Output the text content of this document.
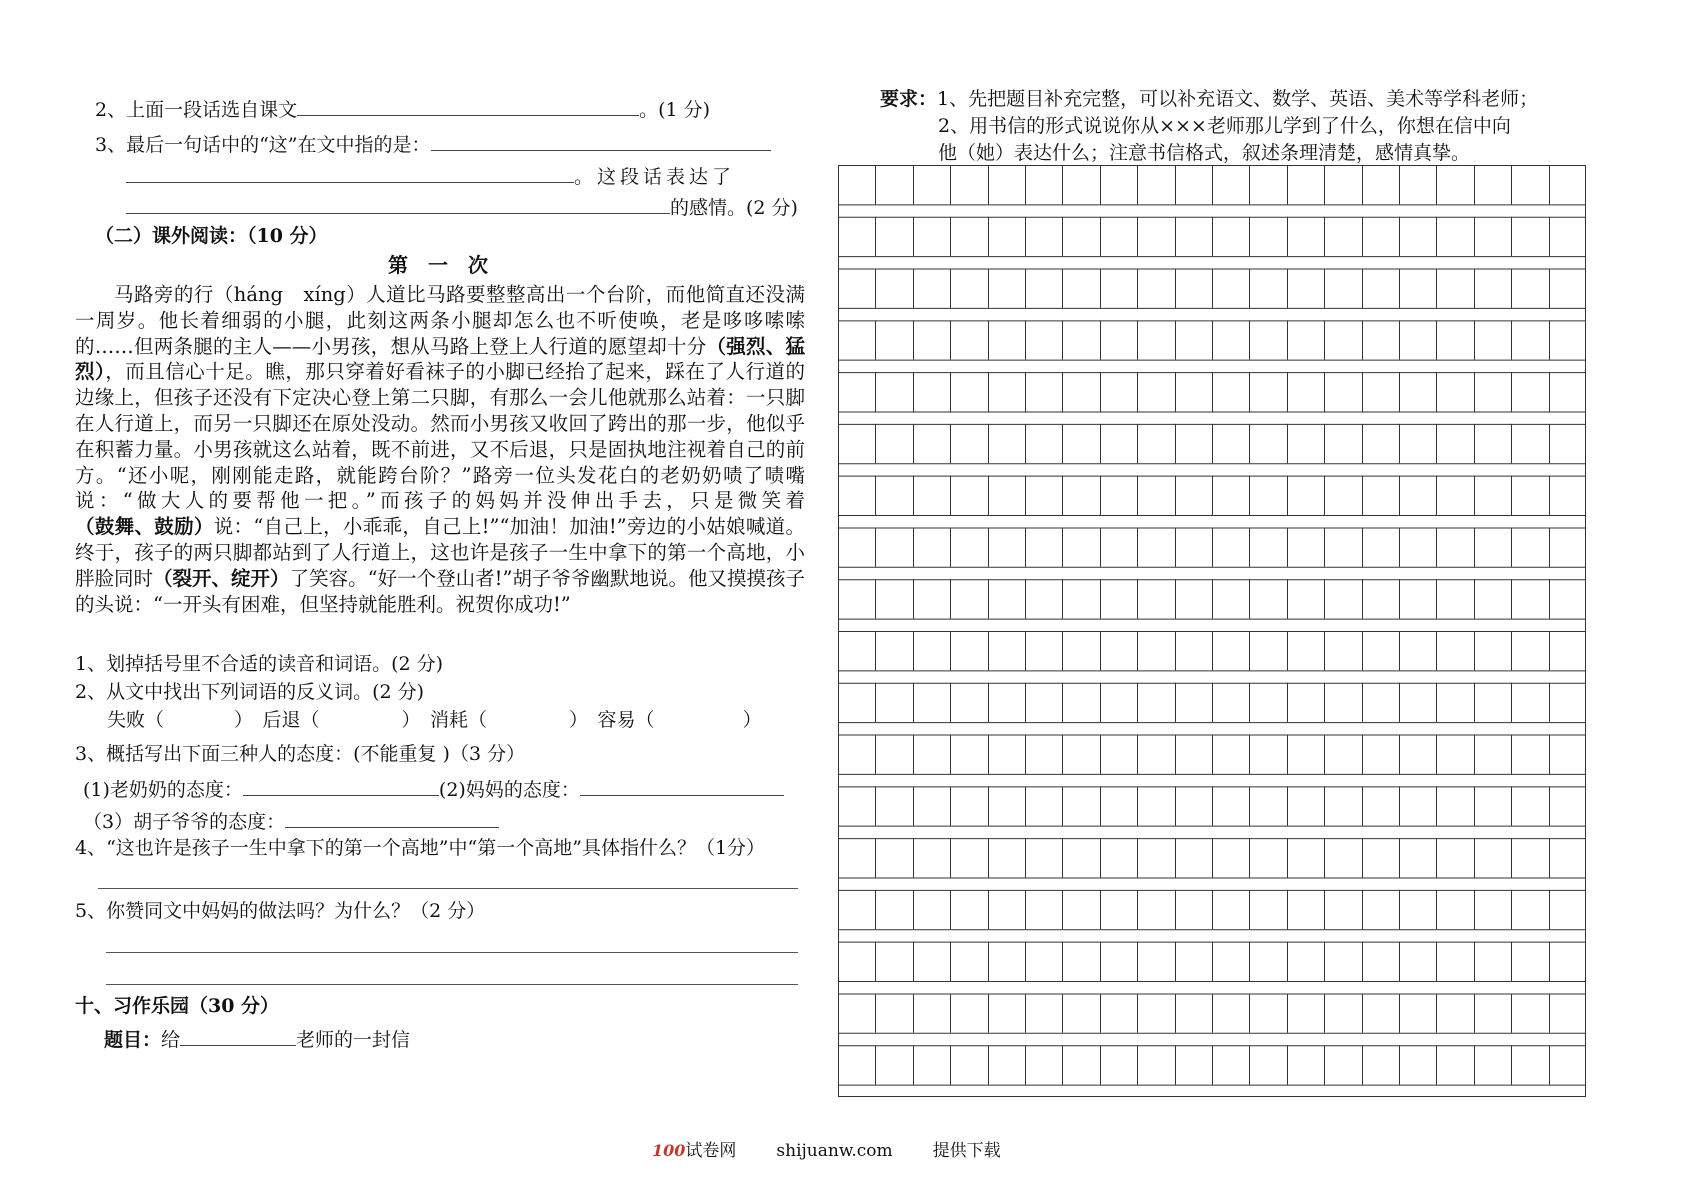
2、上面一段话选自课文	。(1 分)
3、最后一句话中的“这”在文中指的是：
。这段话表达了
的感情。(2 分)
（二）课外阅读：（10 分）
第　一　次
马路旁的行（háng　xíng）人道比马路要整整高出一个台阶，而他简直还没满一周岁。他长着细弱的小腿，此刻这两条小腿却怎么也不听使唤，老是哆哆嗦嗦的……但两条腿的主人——小男孩，想从马路上登上人行道的愿望却十分（强烈、猛烈），而且信心十足。瞧，那只穿着好看袜子的小脚已经抬了起来，踩在了人行道的边缘上，但孩子还没有下定决心登上第二只脚，有那么一会儿他就那么站着：一只脚在人行道上，而另一只脚还在原处没动。然而小男孩又收回了跨出的那一步，他似乎在积蓄力量。小男孩就这么站着，既不前进，又不后退，只是固执地注视着自己的前方。“还小呢，刚刚能走路，就能跨台阶？”路旁一位头发花白的老奶奶啧了啧嘴说：“做大人的要帮他一把。”而孩子的妈妈并没伸出手去，只是微笑着（鼓舞、鼓励）说：“自己上，小乖乖，自己上!”“加油！加油!”旁边的小姑娘喊道。终于，孩子的两只脚都站到了人行道上，这也许是孩子一生中拿下的第一个高地，小胖脸同时（裂开、绽开）了笑容。“好一个登山者!”胡子爷爷幽默地说。他又摸摸孩子的头说：“一开头有困难，但坚持就能胜利。祝贺你成功!”
1、划掉括号里不合适的读音和词语。(2 分)
2、从文中找出下列词语的反义词。(2 分)
失败（	）　后退（	）　消耗（	）　容易（	）
3、概括写出下面三种人的态度：(不能重复 )（3 分）
(1)老奶奶的态度：	(2)妈妈的态度：
（3）胡子爷爷的态度：
4、“这也许是孩子一生中拿下的第一个高地”中“第一个高地”具体指什么？（1分）
5、你赞同文中妈妈的做法吗？为什么？（2 分）
十、习作乐园（30 分）
题目：给	老师的一封信
要求：1、先把题目补充完整，可以补充语文、数学、英语、美术等学科老师；
2、用书信的形式说说你从×××老师那儿学到了什么，你想在信中向
他（她）表达什么；注意书信格式，叙述条理清楚，感情真挚。
100试卷网 shijuanw.com 提供下载
